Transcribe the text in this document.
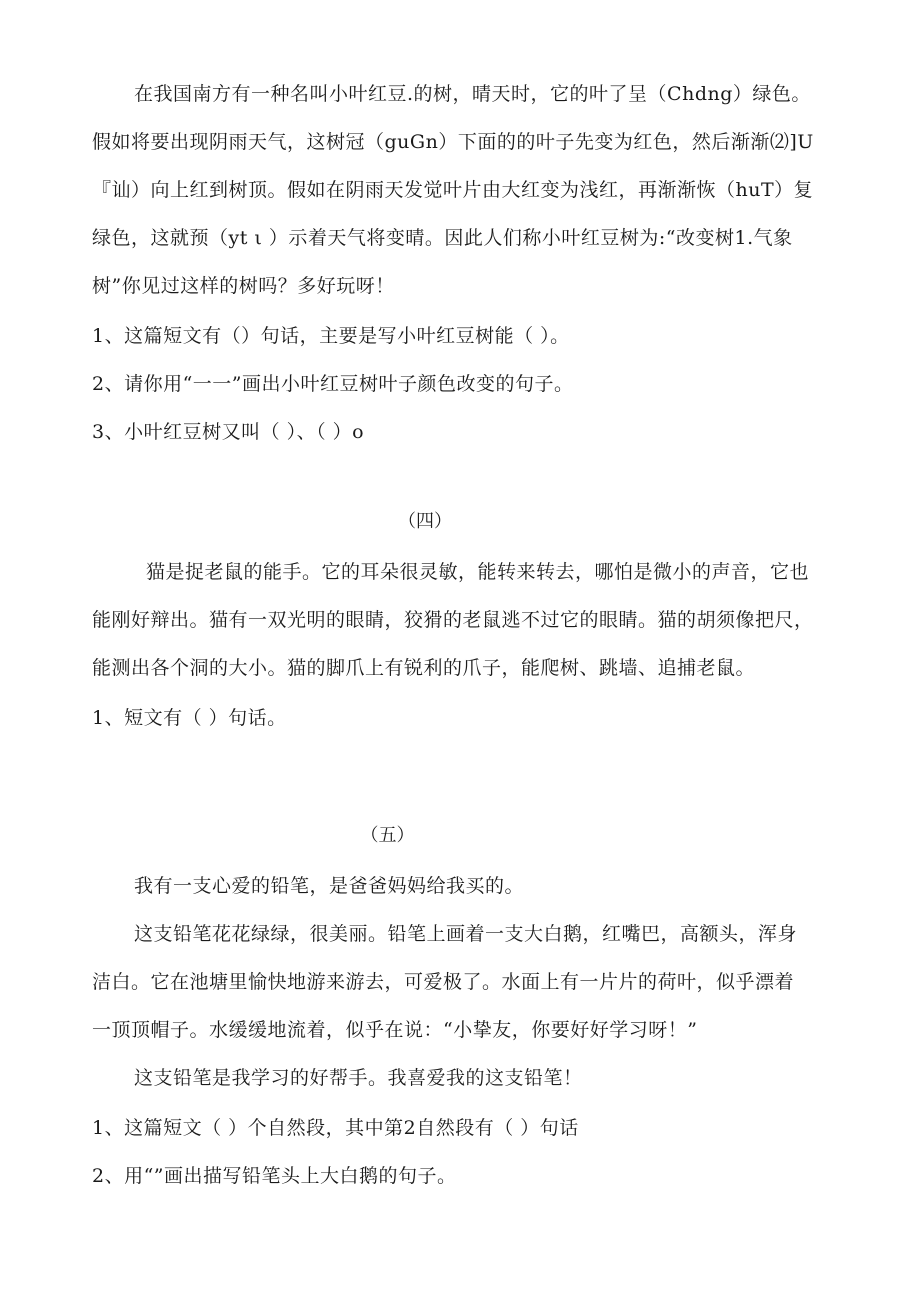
在我国南方有一种名叫小叶红豆.的树，晴天时，它的叶了呈（Chdng）绿色。
假如将要出现阴雨天气，这树冠（guGn）下面的的叶子先变为红色，然后渐渐⑵]U
『讪）向上红到树顶。假如在阴雨天发觉叶片由大红变为浅红，再渐渐恢（huT）复
绿色，这就预（yt ι ）示着天气将变晴。因此人们称小叶红豆树为:“改变树1.气象
树”你见过这样的树吗？多好玩呀！
1、这篇短文有（）句话，主要是写小叶红豆树能（ ）。
2、请你用“一一”画出小叶红豆树叶子颜色改变的句子。
3、小叶红豆树又叫（ ）、（ ）o
（四）
猫是捉老鼠的能手。它的耳朵很灵敏，能转来转去，哪怕是微小的声音，它也
能刚好辩出。猫有一双光明的眼睛，狡猾的老鼠逃不过它的眼睛。猫的胡须像把尺，
能测出各个洞的大小。猫的脚爪上有锐利的爪子，能爬树、跳墙、追捕老鼠。
1、短文有（ ）句话。
（五）
我有一支心爱的铅笔，是爸爸妈妈给我买的。
这支铅笔花花绿绿，很美丽。铅笔上画着一支大白鹅，红嘴巴，高额头，浑身
洁白。它在池塘里愉快地游来游去，可爱极了。水面上有一片片的荷叶，似乎漂着
一顶顶帽子。水缓缓地流着，似乎在说：“小挚友，你要好好学习呀！”
这支铅笔是我学习的好帮手。我喜爱我的这支铅笔！
1、这篇短文（ ）个自然段，其中第2自然段有（ ）句话
2、用“”画出描写铅笔头上大白鹅的句子。
